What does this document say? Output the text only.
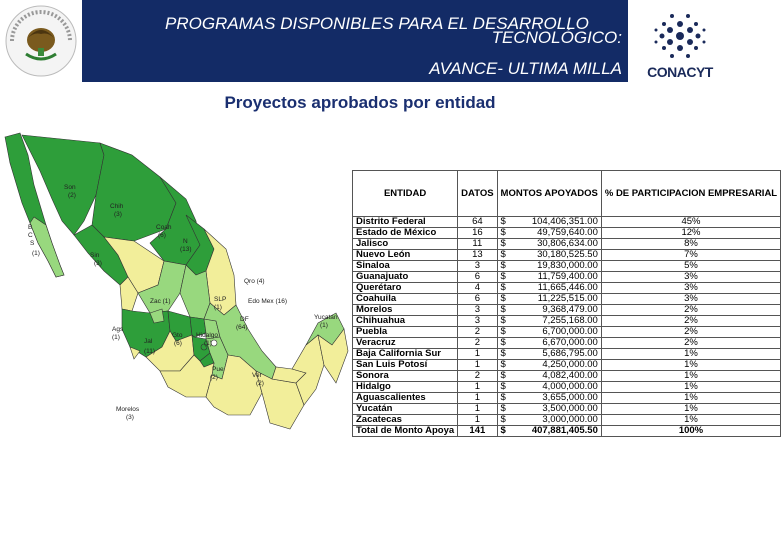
PROGRAMAS DISPONIBLES PARA EL DESARROLLO
TECNOLÓGICO:
AVANCE- ULTIMA MILLA	CONACYT
Proyectos aprobados por entidad
Son
(2)
Chih
(3)
B
C
S
(1)
Coah
(6)
N
(13)
Sin
(3)
Qro (4)
Zac (1)	SLP
(1)
Edo Mex (16)
DF
(64)
Yucatan
(1)
Ags
(1)	Gto
(6)
Hidalgo
(1)
Jal
(11)
Pue
(2)	Ver
(2)
Morelos
(3)
ENTIDAD	DATOS	MONTOS APOYADOS		% DE PARTICIPACION EMPRESARIAL
Distrito Federal	64	$	104,406,351.00	45%
Estado de México	16	$	49,759,640.00	12%
Jalisco	11	$	30,806,634.00	8%
Nuevo León	13	$	30,180,525.50	7%
Sinaloa	3	$	19,830,000.00	5%
Guanajuato	6	$	11,759,400.00	3%
Querétaro	4	$	11,665,446.00	3%
Coahuila	6	$	11,225,515.00	3%
Morelos	3	$	9,368,479.00	2%
Chihuahua	3	$	7,255,168.00	2%
Puebla	2	$	6,700,000.00	2%
Veracruz	2	$	6,670,000.00	2%
Baja California Sur	1	$	5,686,795.00	1%
San Luis Potosí	1	$	4,250,000.00	1%
Sonora	2	$	4,082,400.00	1%
Hidalgo	1	$	4,000,000.00	1%
Aguascalientes	1	$	3,655,000.00	1%
Yucatán	1	$	3,500,000.00	1%
Zacatecas	1	$	3,000,000.00	1%
Total de Monto Apoya	141	$	407,881,405.50	100%
